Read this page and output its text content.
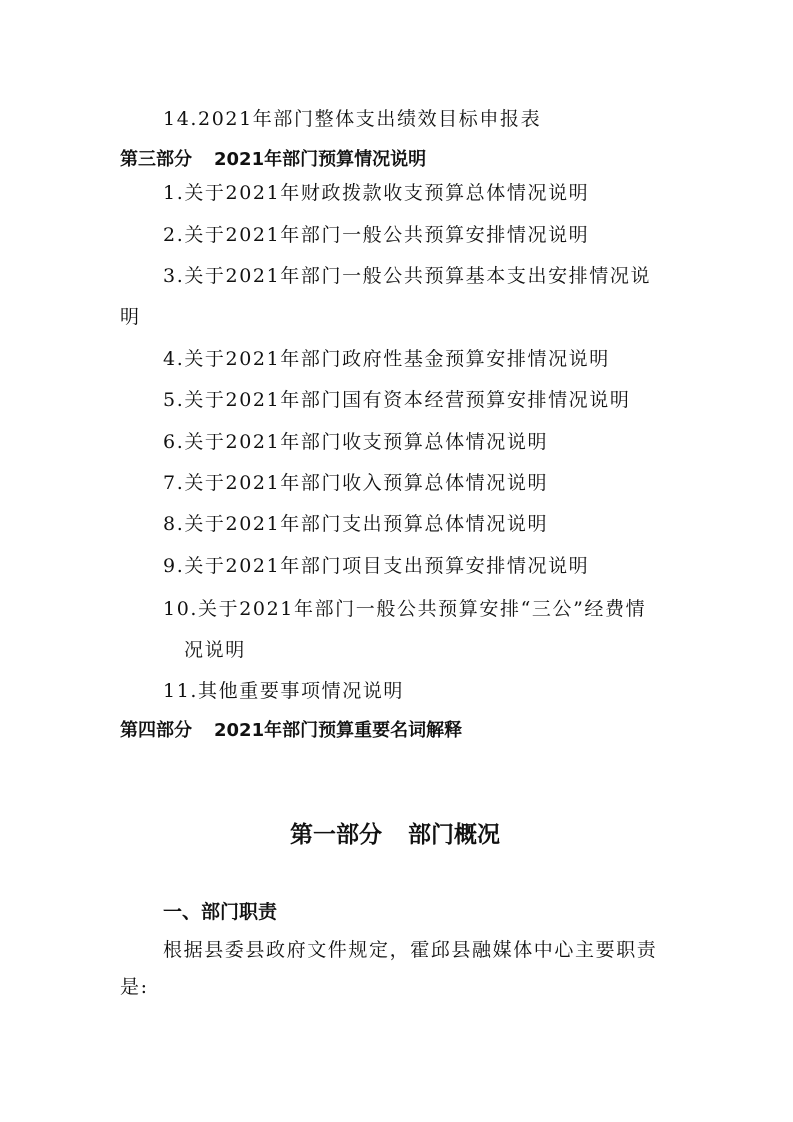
14.2021年部门整体支出绩效目标申报表
第三部分 2021年部门预算情况说明
1.关于2021年财政拨款收支预算总体情况说明
2.关于2021年部门一般公共预算安排情况说明
3.关于2021年部门一般公共预算基本支出安排情况说
明
4.关于2021年部门政府性基金预算安排情况说明
5.关于2021年部门国有资本经营预算安排情况说明
6.关于2021年部门收支预算总体情况说明
7.关于2021年部门收入预算总体情况说明
8.关于2021年部门支出预算总体情况说明
9.关于2021年部门项目支出预算安排情况说明
10.关于2021年部门一般公共预算安排“三公”经费情
况说明
11.其他重要事项情况说明
第四部分 2021年部门预算重要名词解释
第一部分 部门概况
一、部门职责
根据县委县政府文件规定，霍邱县融媒体中心主要职责
是:
